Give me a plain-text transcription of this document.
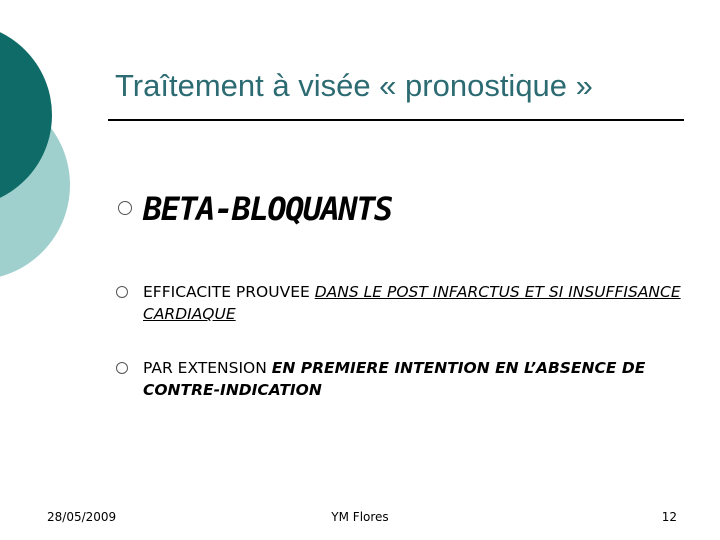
Traîtement à visée « pronostique »
BETA-BLOQUANTS
EFFICACITE PROUVEE DANS LE POST INFARCTUS ET SI INSUFFISANCE CARDIAQUE
PAR EXTENSION EN PREMIERE INTENTION EN L’ABSENCE DE CONTRE-INDICATION
28/05/2009	YM Flores	12
